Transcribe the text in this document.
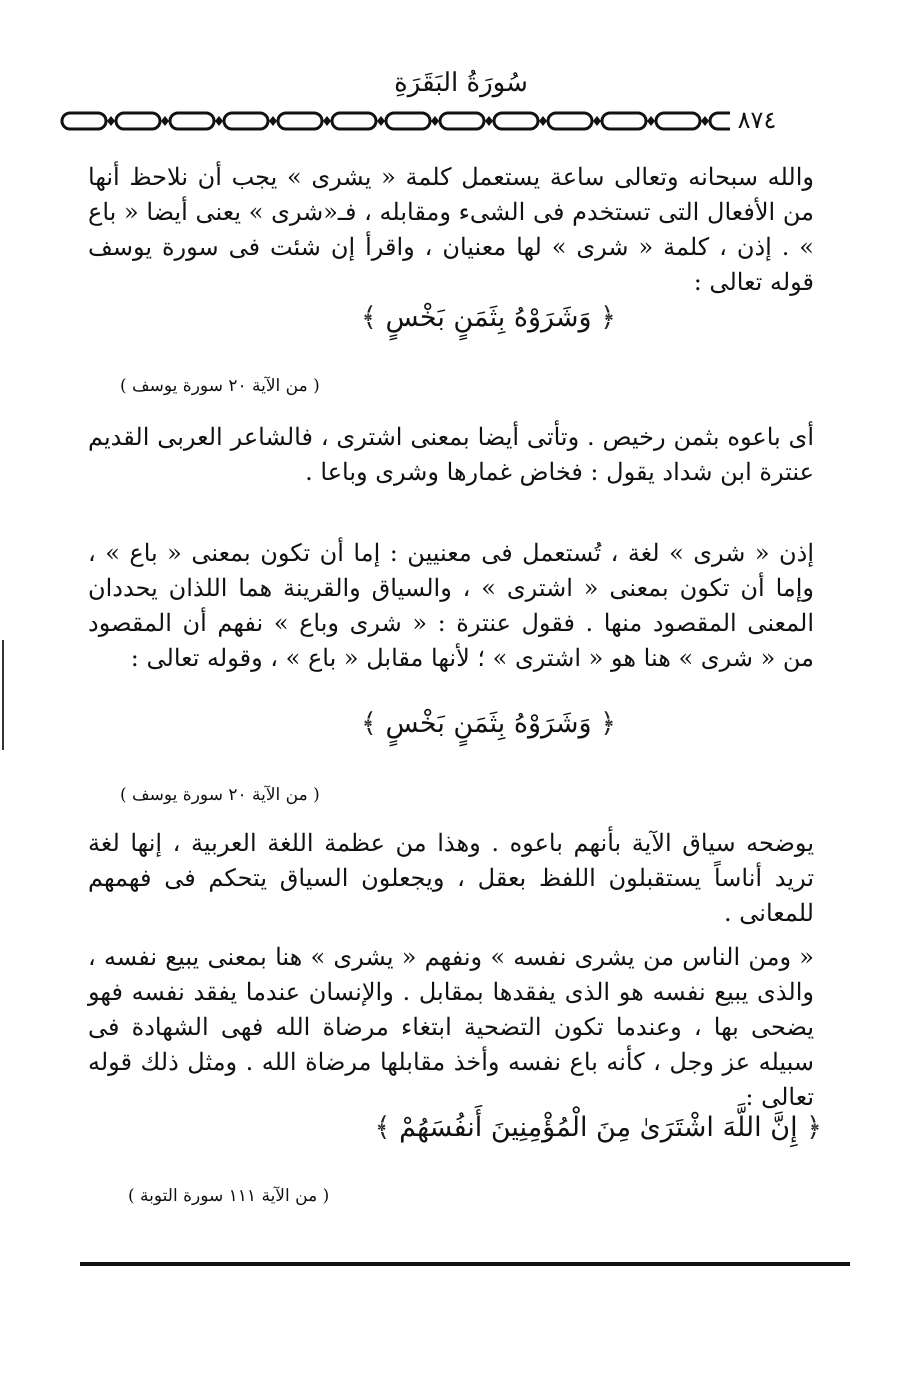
سُورَةُ البَقَرَةِ
٨٧٤

والله سبحانه وتعالى ساعة يستعمل كلمة « يشرى » يجب أن نلاحظ أنها من الأفعال التى تستخدم فى الشىء ومقابله ، فـ«شرى » يعنى أيضا « باع » . إذن ، كلمة « شرى » لها معنيان ، واقرأ إن شئت فى سورة يوسف قوله تعالى :

﴿ وَشَرَوْهُ بِثَمَنٍ بَخْسٍ ﴾
( من الآية ٢٠ سورة يوسف )

أى باعوه بثمن رخيص . وتأتى أيضا بمعنى اشترى ، فالشاعر العربى القديم عنترة ابن شداد يقول : فخاض غمارها وشرى وباعا .

إذن « شرى » لغة ، تُستعمل فى معنيين : إما أن تكون بمعنى « باع » ، وإما أن تكون بمعنى « اشترى » ، والسياق والقرينة هما اللذان يحددان المعنى المقصود منها . فقول عنترة : « شرى وباع » نفهم أن المقصود من « شرى » هنا هو « اشترى » ؛ لأنها مقابل « باع » ، وقوله تعالى :

﴿ وَشَرَوْهُ بِثَمَنٍ بَخْسٍ ﴾
( من الآية ٢٠ سورة يوسف )

يوضحه سياق الآية بأنهم باعوه . وهذا من عظمة اللغة العربية ، إنها لغة تريد أناساً يستقبلون اللفظ بعقل ، ويجعلون السياق يتحكم فى فهمهم للمعانى .

« ومن الناس من يشرى نفسه » ونفهم « يشرى » هنا بمعنى يبيع نفسه ، والذى يبيع نفسه هو الذى يفقدها بمقابل . والإنسان عندما يفقد نفسه فهو يضحى بها ، وعندما تكون التضحية ابتغاء مرضاة الله فهى الشهادة فى سبيله عز وجل ، كأنه باع نفسه وأخذ مقابلها مرضاة الله . ومثل ذلك قوله تعالى :

﴿ إِنَّ اللَّهَ اشْتَرَىٰ مِنَ الْمُؤْمِنِينَ أَنفُسَهُمْ ﴾
( من الآية ١١١ سورة التوبة )
